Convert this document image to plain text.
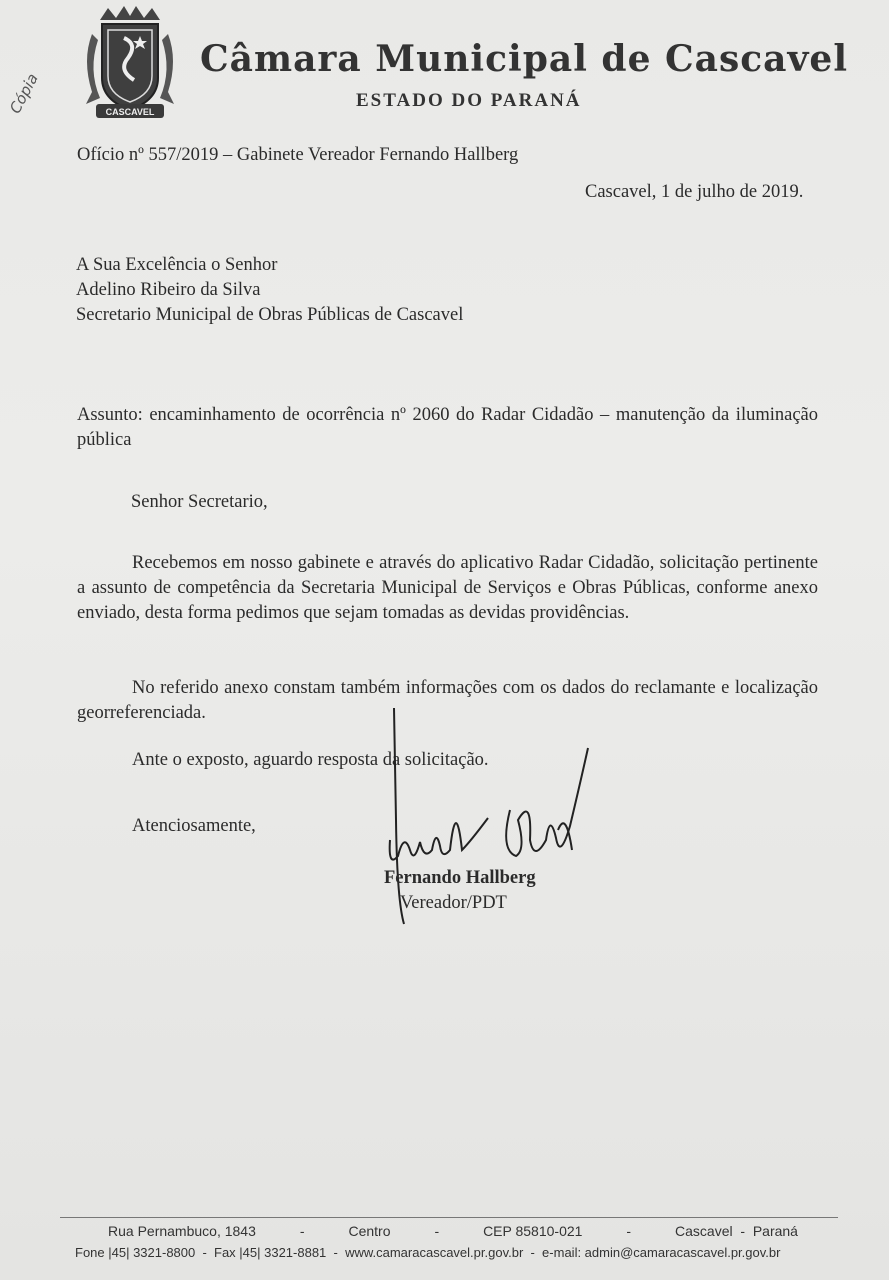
CASCAVEL
Câmara Municipal de Cascavel
ESTADO DO PARANÁ
Cópia
Ofício nº 557/2019 – Gabinete Vereador Fernando Hallberg
Cascavel, 1 de julho de 2019.
A Sua Excelência o Senhor
Adelino Ribeiro da Silva
Secretario Municipal de Obras Públicas de Cascavel
Assunto: encaminhamento de ocorrência nº 2060 do Radar Cidadão – manutenção da iluminação pública
Senhor Secretario,
Recebemos em nosso gabinete e através do aplicativo Radar Cidadão, solicitação pertinente a assunto de competência da Secretaria Municipal de Serviços e Obras Públicas, conforme anexo enviado, desta forma pedimos que sejam tomadas as devidas providências.
No referido anexo constam também informações com os dados do reclamante e localização georreferenciada.
Ante o exposto, aguardo resposta da solicitação.
Atenciosamente,
Fernando Hallberg
Vereador/PDT
Rua Pernambuco, 1843	-	Centro	-	CEP 85810-021	-	Cascavel  -  Paraná
Fone |45| 3321-8800  -  Fax |45| 3321-8881  -  www.camaracascavel.pr.gov.br  -  e-mail: admin@camaracascavel.pr.gov.br
